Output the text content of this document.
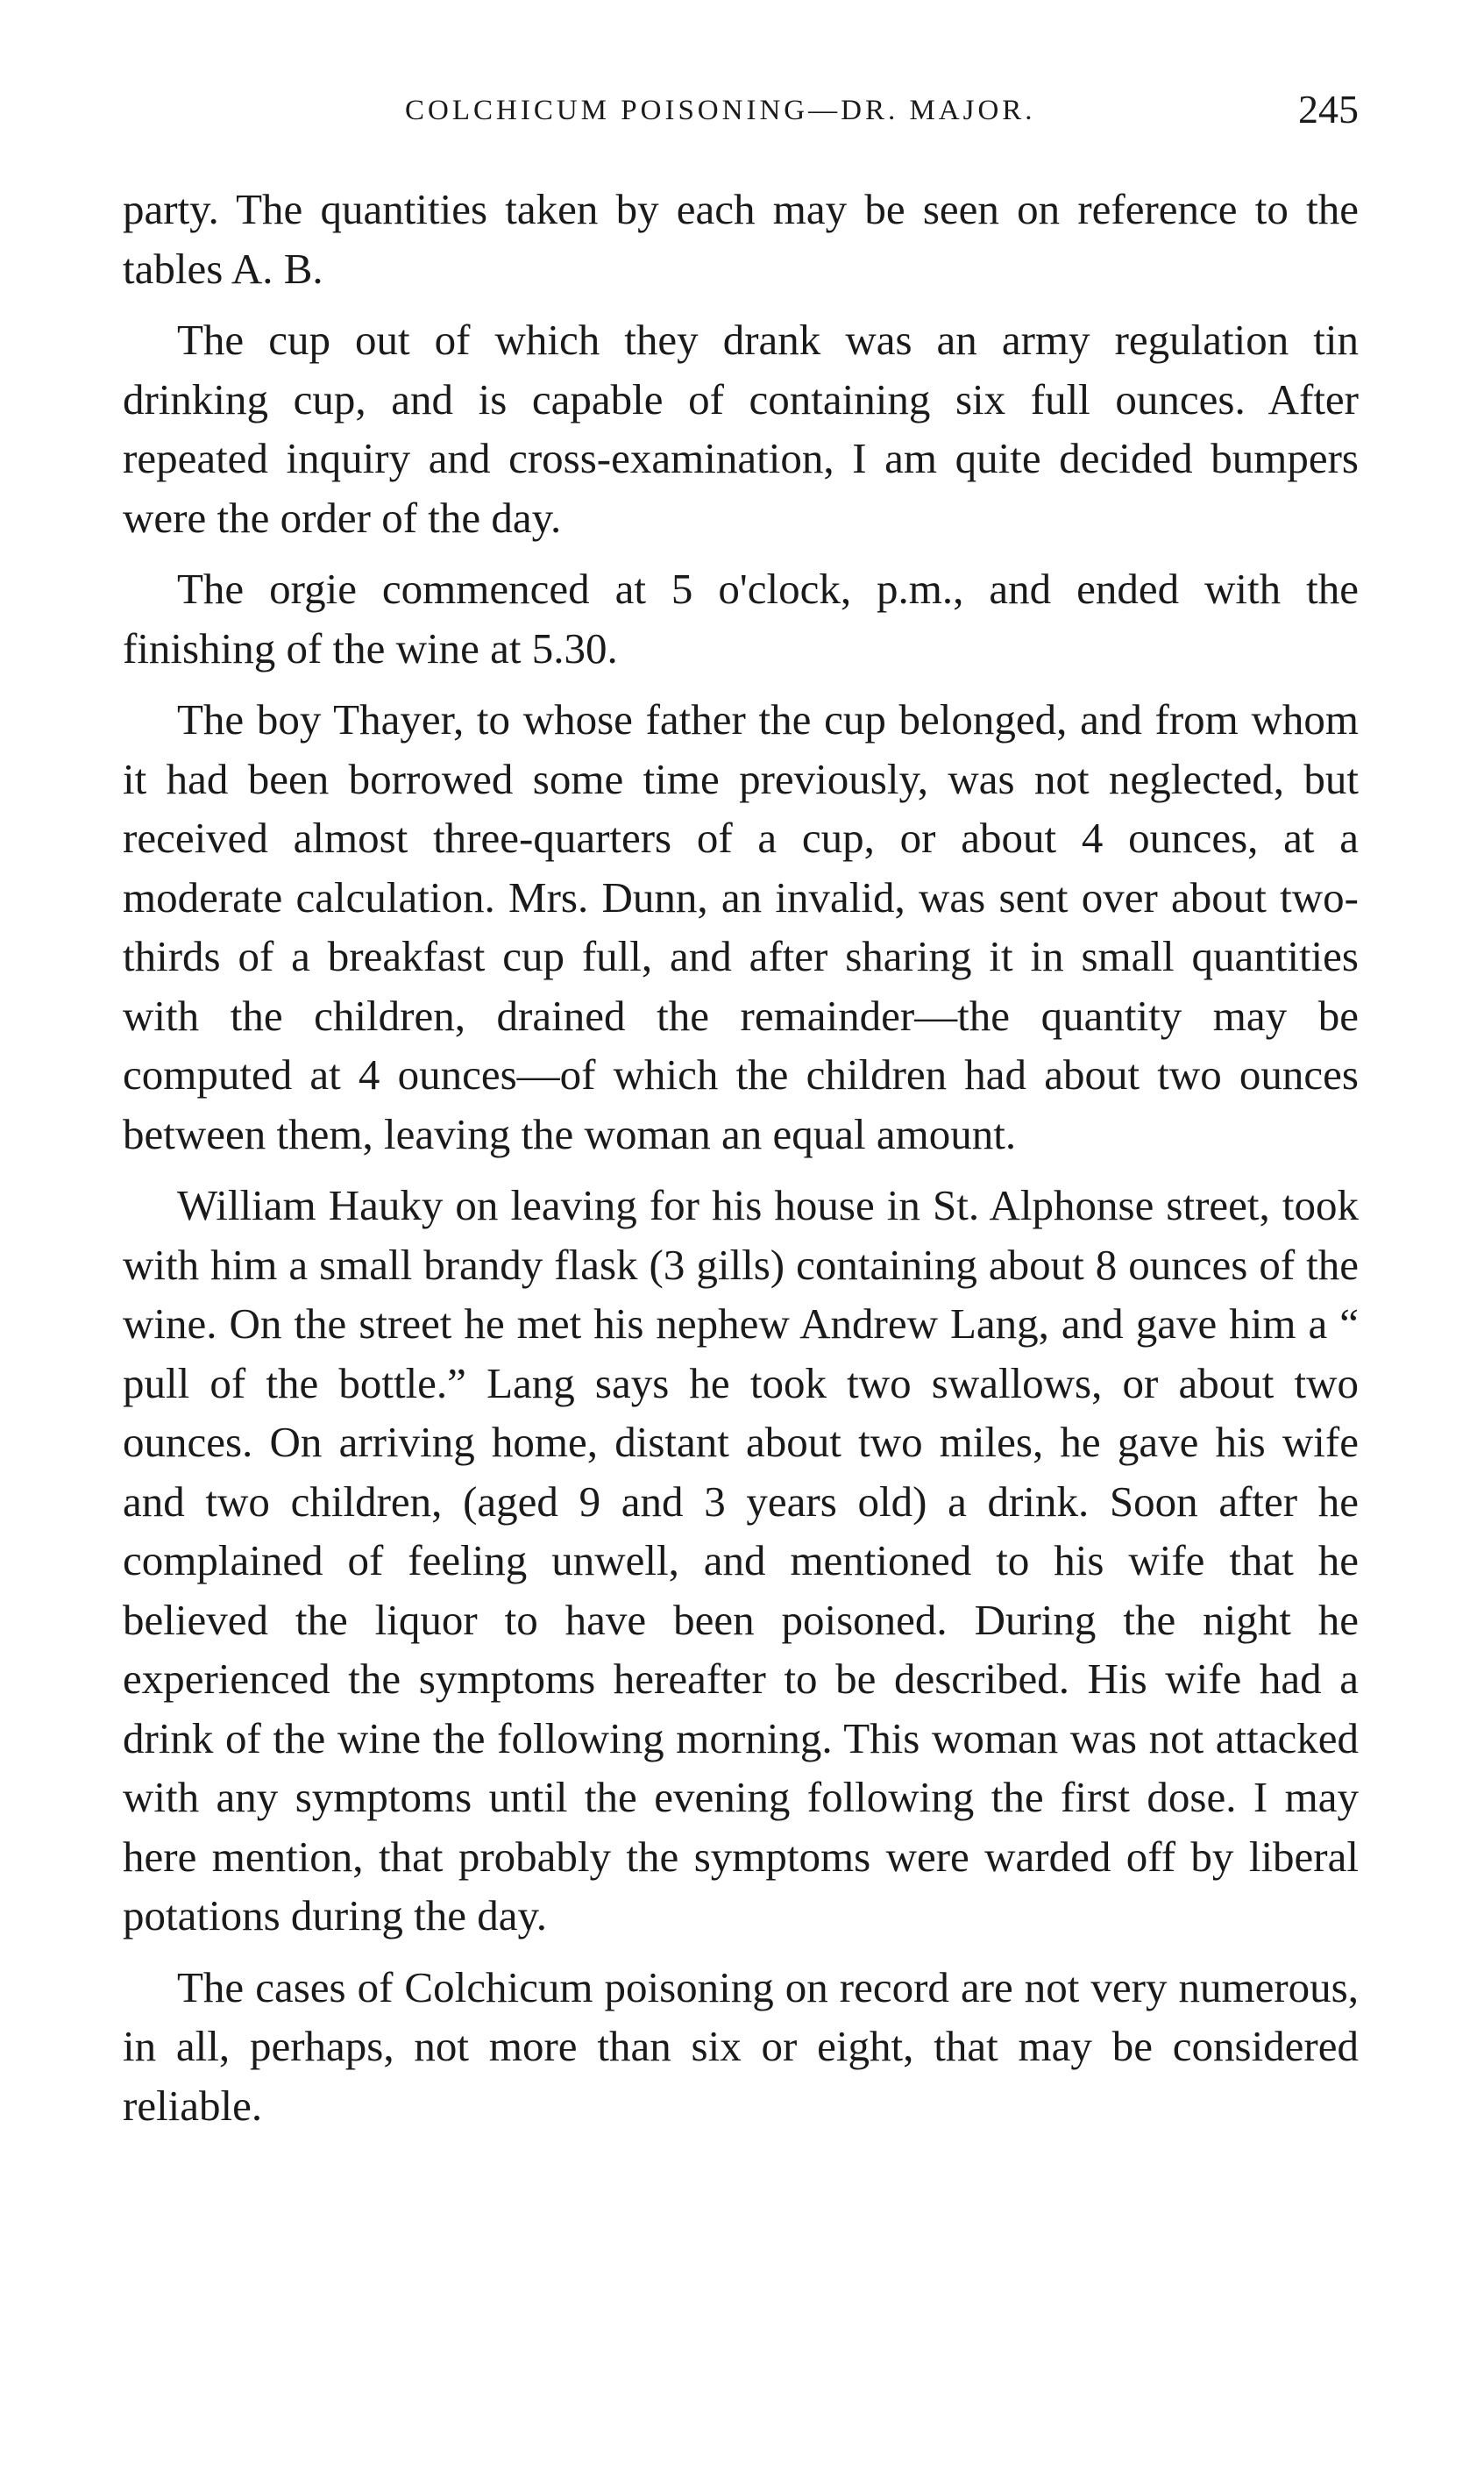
COLCHICUM POISONING—DR. MAJOR.	245

party. The quantities taken by each may be seen on reference to the tables A. B.

The cup out of which they drank was an army regulation tin drinking cup, and is capable of containing six full ounces. After repeated inquiry and cross-examination, I am quite decided bumpers were the order of the day.

The orgie commenced at 5 o'clock, p.m., and ended with the finishing of the wine at 5.30.

The boy Thayer, to whose father the cup belonged, and from whom it had been borrowed some time previously, was not neglected, but received almost three-quarters of a cup, or about 4 ounces, at a moderate calculation. Mrs. Dunn, an invalid, was sent over about two-thirds of a breakfast cup full, and after sharing it in small quantities with the children, drained the remainder—the quantity may be computed at 4 ounces—of which the children had about two ounces between them, leaving the woman an equal amount.

William Hauky on leaving for his house in St. Alphonse street, took with him a small brandy flask (3 gills) containing about 8 ounces of the wine. On the street he met his nephew Andrew Lang, and gave him a “ pull of the bottle.” Lang says he took two swallows, or about two ounces. On arriving home, distant about two miles, he gave his wife and two children, (aged 9 and 3 years old) a drink. Soon after he complained of feeling unwell, and mentioned to his wife that he believed the liquor to have been poisoned. During the night he experienced the symptoms hereafter to be described. His wife had a drink of the wine the following morning. This woman was not attacked with any symptoms until the evening following the first dose. I may here mention, that probably the symptoms were warded off by liberal potations during the day.

The cases of Colchicum poisoning on record are not very numerous, in all, perhaps, not more than six or eight, that may be considered reliable.
